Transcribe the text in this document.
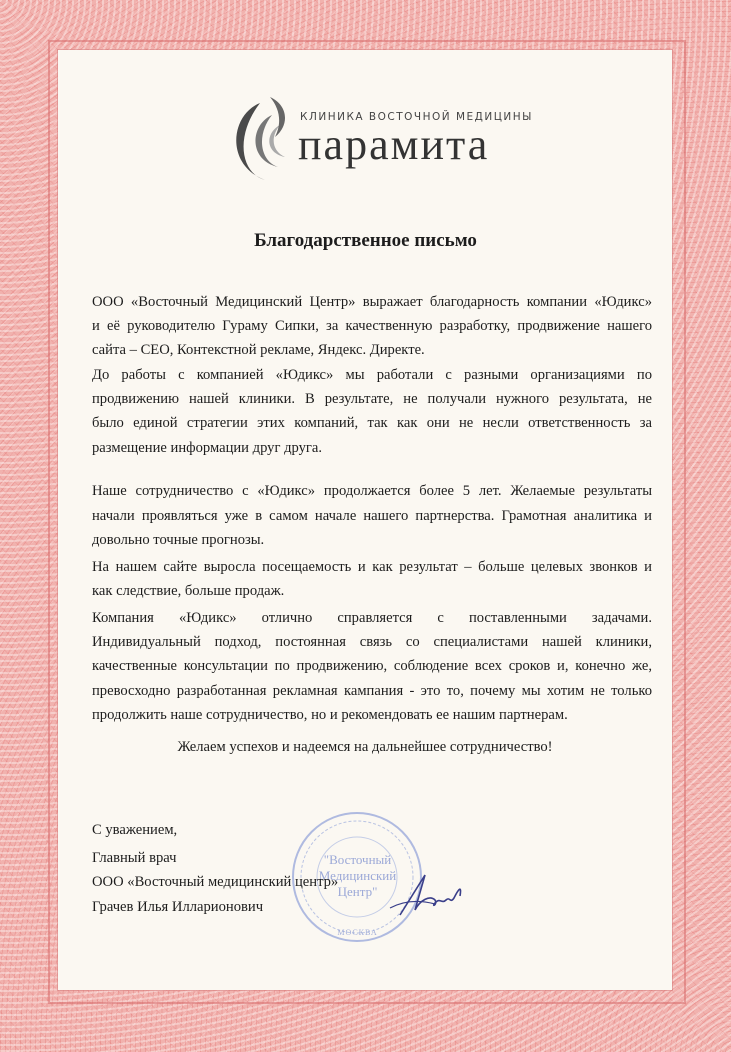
КЛИНИКА ВОСТОЧНОЙ МЕДИЦИНЫ
парамита
Благодарственное письмо
ООО «Восточный Медицинский Центр» выражает благодарность компании «Юдикс»
и её руководителю Гураму Сипки, за качественную разработку, продвижение нашего
сайта – СЕО, Контекстной рекламе, Яндекс. Директе.
До работы с компанией «Юдикс» мы работали с разными организациями по
продвижению нашей клиники. В результате, не получали нужного результата, не
было единой стратегии этих компаний, так как они не несли ответственность за
размещение информации друг друга.
Наше сотрудничество с «Юдикс» продолжается более 5 лет. Желаемые результаты
начали проявляться уже в самом начале нашего партнерства. Грамотная аналитика и
довольно точные прогнозы.
На нашем сайте выросла посещаемость и как результат – больше целевых звонков и
как следствие, больше продаж.
Компания «Юдикс» отлично справляется с поставленными задачами.
Индивидуальный подход, постоянная связь со специалистами нашей клиники,
качественные консультации по продвижению, соблюдение всех сроков и, конечно же,
превосходно разработанная рекламная кампания - это то, почему мы хотим не только
продолжить наше сотрудничество, но и рекомендовать ее нашим партнерам.
Желаем успехов и надеемся на дальнейшее сотрудничество!
"Восточный Медицинский Центр"
МОСКВА
С уважением,
Главный врач
ООО «Восточный медицинский центр»
Грачев Илья Илларионович
